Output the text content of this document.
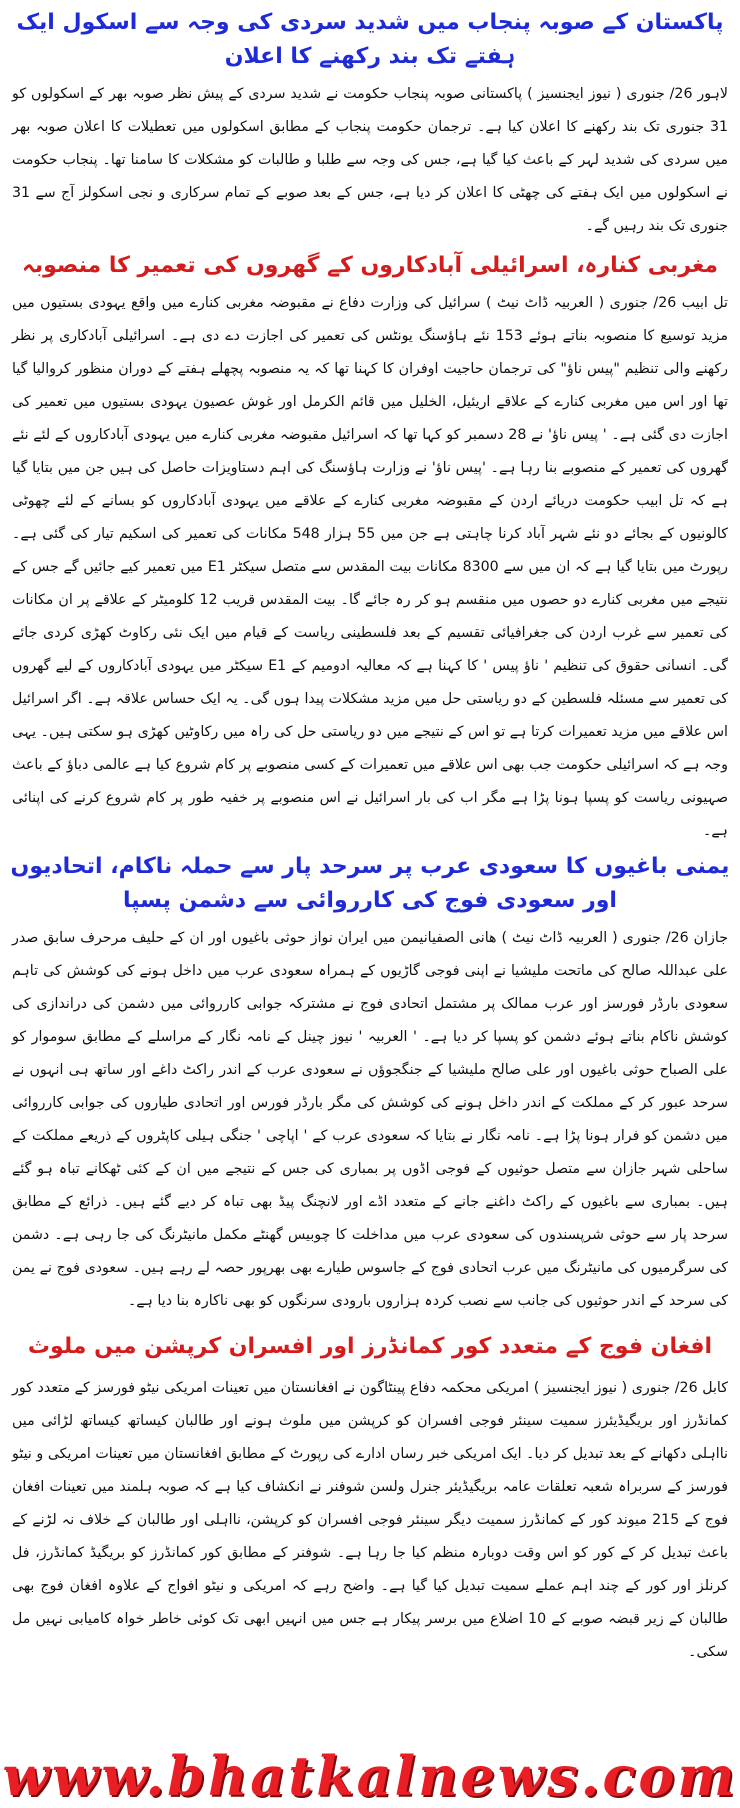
پاکستان کے صوبہ پنجاب میں شدید سردی کی وجہ سے اسکول ایک ہفتے تک بند رکھنے کا اعلان

لاہور 26/ جنوری ( نیوز ایجنسیز ) پاکستانی صوبہ پنجاب حکومت نے شدید سردی کے پیش نظر صوبہ بھر کے اسکولوں کو 31 جنوری تک بند رکھنے کا اعلان کیا ہے۔ ترجمان حکومت پنجاب کے مطابق اسکولوں میں تعطیلات کا اعلان صوبہ بھر میں سردی کی شدید لہر کے باعث کیا گیا ہے، جس کی وجہ سے طلبا و طالبات کو مشکلات کا سامنا تھا۔ پنجاب حکومت نے اسکولوں میں ایک ہفتے کی چھٹی کا اعلان کر دیا ہے، جس کے بعد صوبے کے تمام سرکاری و نجی اسکولز آج سے 31 جنوری تک بند رہیں گے۔

مغربی کنارہ، اسرائیلی آبادکاروں کے گھروں کی تعمیر کا منصوبہ

تل ابیب 26/ جنوری ( العربیہ ڈاٹ نیٹ ) سرائیل کی وزارت دفاع نے مقبوضہ مغربی کنارے میں واقع یہودی بستیوں میں مزید توسیع کا منصوبہ بناتے ہوئے 153 نئے ہاؤسنگ یونٹس کی تعمیر کی اجازت دے دی ہے۔ اسرائیلی آبادکاری پر نظر رکھنے والی تنظیم "پیس ناؤ" کی ترجمان حاجیت اوفران کا کہنا تھا کہ یہ منصوبہ پچھلے ہفتے کے دوران منظور کروالیا گیا تھا اور اس میں مغربی کنارے کے علاقے اریئیل، الخلیل میں قائم الکرمل اور غوش عصیون یہودی بستیوں میں تعمیر کی اجازت دی گئی ہے۔ ' پیس ناؤ' نے 28 دسمبر کو کہا تھا کہ اسرائیل مقبوضہ مغربی کنارے میں یہودی آبادکاروں کے لئے نئے گھروں کی تعمیر کے منصوبے بنا رہا ہے۔ 'پیس ناؤ' نے وزارت ہاؤسنگ کی اہم دستاویزات حاصل کی ہیں جن میں بتایا گیا ہے کہ تل ابیب حکومت دریائے اردن کے مقبوضہ مغربی کنارے کے علاقے میں یہودی آبادکاروں کو بسانے کے لئے چھوٹی کالونیوں کے بجائے دو نئے شہر آباد کرنا چاہتی ہے جن میں 55 ہزار 548 مکانات کی تعمیر کی اسکیم تیار کی گئی ہے۔ رپورٹ میں بتایا گیا ہے کہ ان میں سے 8300 مکانات بیت المقدس سے متصل سیکٹر E1 میں تعمیر کیے جائیں گے جس کے نتیجے میں مغربی کنارے دو حصوں میں منقسم ہو کر رہ جائے گا۔ بیت المقدس قریب 12 کلومیٹر کے علاقے پر ان مکانات کی تعمیر سے غرب اردن کی جغرافیائی تقسیم کے بعد فلسطینی ریاست کے قیام میں ایک نئی رکاوٹ کھڑی کردی جائے گی۔ انسانی حقوق کی تنظیم ' ناؤ پیس ' کا کہنا ہے کہ معالیہ ادومیم کے E1 سیکٹر میں یہودی آبادکاروں کے لیے گھروں کی تعمیر سے مسئلہ فلسطین کے دو ریاستی حل میں مزید مشکلات پیدا ہوں گی۔ یہ ایک حساس علاقہ ہے۔ اگر اسرائیل اس علاقے میں مزید تعمیرات کرتا ہے تو اس کے نتیجے میں دو ریاستی حل کی راہ میں رکاوٹیں کھڑی ہو سکتی ہیں۔ یہی وجہ ہے کہ اسرائیلی حکومت جب بھی اس علاقے میں تعمیرات کے کسی منصوبے پر کام شروع کیا ہے عالمی دباؤ کے باعث صہیونی ریاست کو پسپا ہونا پڑا ہے مگر اب کی بار اسرائیل نے اس منصوبے پر خفیہ طور پر کام شروع کرنے کی اپنائی ہے۔

یمنی باغیوں کا سعودی عرب پر سرحد پار سے حملہ ناکام، اتحادیوں اور سعودی فوج کی کارروائی سے دشمن پسپا

جازان 26/ جنوری ( العربیہ ڈاٹ نیٹ ) ھانی الصفیانیمن میں ایران نواز حوثی باغیوں اور ان کے حلیف مرحرف سابق صدر علی عبداللہ صالح کی ماتحت ملیشیا نے اپنی فوجی گاڑیوں کے ہمراہ سعودی عرب میں داخل ہونے کی کوشش کی تاہم سعودی بارڈر فورسز اور عرب ممالک پر مشتمل اتحادی فوج نے مشترکہ جوابی کارروائی میں دشمن کی دراندازی کی کوشش ناکام بناتے ہوئے دشمن کو پسپا کر دیا ہے۔ ' العربیہ ' نیوز چینل کے نامہ نگار کے مراسلے کے مطابق سوموار کو علی الصباح حوثی باغیوں اور علی صالح ملیشیا کے جنگجوؤں نے سعودی عرب کے اندر راکٹ داغے اور ساتھ ہی انہوں نے سرحد عبور کر کے مملکت کے اندر داخل ہونے کی کوشش کی مگر بارڈر فورس اور اتحادی طیاروں کی جوابی کارروائی میں دشمن کو فرار ہونا پڑا ہے۔ نامہ نگار نے بتایا کہ سعودی عرب کے ' اپاچی ' جنگی ہیلی کاپٹروں کے ذریعے مملکت کے ساحلی شہر جازان سے متصل حوثیوں کے فوجی اڈوں پر بمباری کی جس کے نتیجے میں ان کے کئی ٹھکانے تباہ ہو گئے ہیں۔ بمباری سے باغیوں کے راکٹ داغنے جانے کے متعدد اڈے اور لانچنگ پیڈ بھی تباہ کر دیے گئے ہیں۔ ذرائع کے مطابق سرحد پار سے حوثی شرپسندوں کی سعودی عرب میں مداخلت کا چوبیس گھنٹے مکمل مانیٹرنگ کی جا رہی ہے۔ دشمن کی سرگرمیوں کی مانیٹرنگ میں عرب اتحادی فوج کے جاسوس طیارے بھی بھرپور حصہ لے رہے ہیں۔ سعودی فوج نے یمن کی سرحد کے اندر حوثیوں کی جانب سے نصب کردہ ہزاروں بارودی سرنگوں کو بھی ناکارہ بنا دیا ہے۔

افغان فوج کے متعدد کور کمانڈرز اور افسران کرپشن میں ملوث

کابل 26/ جنوری ( نیوز ایجنسیز ) امریکی محکمہ دفاع پینٹاگون نے افغانستان میں تعینات امریکی نیٹو فورسز کے متعدد کور کمانڈرز اور بریگیڈیئرز سمیت سینئر فوجی افسران کو کرپشن میں ملوث ہونے اور طالبان کیساتھ کیساتھ لڑائی میں نااہلی دکھانے کے بعد تبدیل کر دیا۔ ایک امریکی خبر رساں ادارے کی رپورٹ کے مطابق افغانستان میں تعینات امریکی و نیٹو فورسز کے سربراہ شعبہ تعلقات عامہ بریگیڈیئر جنرل ولسن شوفنر نے انکشاف کیا ہے کہ صوبہ ہلمند میں تعینات افغان فوج کے 215 میوند کور کے کمانڈرز سمیت دیگر سینئر فوجی افسران کو کرپشن، نااہلی اور طالبان کے خلاف نہ لڑنے کے باعث تبدیل کر کے کور کو اس وقت دوبارہ منظم کیا جا رہا ہے۔ شوفنر کے مطابق کور کمانڈرز کو بریگیڈ کمانڈرز، فل کرنلز اور کور کے چند اہم عملے سمیت تبدیل کیا گیا ہے۔ واضح رہے کہ امریکی و نیٹو افواج کے علاوہ افغان فوج بھی طالبان کے زیر قبضہ صوبے کے 10 اضلاع میں برسر پیکار ہے جس میں انہیں ابھی تک کوئی خاطر خواہ کامیابی نہیں مل سکی۔

www.bhatkalnews.com
